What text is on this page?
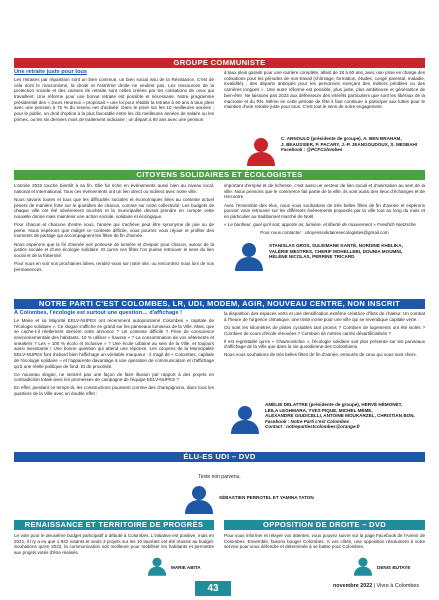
GROUPE COMMUNISTE

Une retraite juste pour tous

Les retraites par répartition sont un bien commun, un bien social issu de la Résistance. C'est de cela dont le macronisme, la droite et l'extrême droite ne veulent pas. Les ressources de la protection sociale et des caisses de retraite sont celles créées par les cotisations de ceux qui travaillent. Une réforme pour une bonne retraite est possible et nécessaire. Notre programme présidentiel des « Jours Heureux » proposait « une loi pour rétablir la retraite à 60 ans à taux plein avec une pension à 75 % du revenu net d'activité. Dans le privé sur les 10 meilleures années ; pour le public, un droit d'option à la plus favorable entre les dix meilleures années de salaire ou les primes, ou les six derniers mois de traitement indiciaire ; un départ à 60 ans avec une pension

à taux plein garanti pour une carrière complète, allant de 18 à 60 ans, avec une prise en charge des cotisations pour les périodes de non-travail (chômage, formation, études, congé parental, maladie, invalidité) ; des départs anticipés pour les personnes exerçant des métiers pénibles ou des carrières longues ». Une autre réforme est possible, plus juste, plus ambitieuse et génératrice de bien-être. Ne laissons pas 2023 aux défenseurs des intérêts particuliers que sont les libéraux de la macronie et du RN. Même en cette période de fête il faut continuer à participer aux luttes pour le maintien d'une retraite juste pour tous. C'est tout le sens de notre engagement.

C. ARNOULD (présidente de groupe), A. BEN BRAHAM,
J. BEAUSSIER, P. PACARY, J.-P. JEANGOUDOUX, S. MESBAHI
Facebook : @PCFColombes
CITOYENS SOLIDAIRES ET ÉCOLOGISTES

L'année 2022 touche bientôt à sa fin. Elle fut riche en événements aussi bien au niveau local, national et international. Tous ces événements ont un lien direct ou indirect avec notre ville.

Nous savons toutes et tous que les difficultés sociales et économiques liées au contexte actuel pèsent de manière forte sur le quotidien de chacun, comme sur notre collectivité. Les budgets de chaque ville ont été sévèrement touchés et la municipalité devrait prendre en compte cette nouvelle donne mais maintenir une action sociale, solidaire et écologique.

Pour chacun et chacune d'entre nous, l'année qui s'achève peut être synonyme de joie ou de peine. Nous espérons que malgré ce contexte difficile, vous pourrez vous réjouir et profiter des moments de partage qui accompagnent les fêtes de fin d'année.

Nous espérons que la fin d'année soit porteuse de lumière et d'espoir pour chacun, autour de la justice sociale et d'une écologie solidaire. Et qu'en ces fêtes l'on puisse retrouver le sens du lien social et de la fraternité.

Pour vous en voir nos prochaines idées, rendez-vous sur notre site, ou rencontrez nous lors de nos permanences.

important d'emploi et de richesse, c'est aussi un vecteur de lien social et d'animation au sein de la ville. Nous pensons que le commerce fait partie de la ville, ils sont aussi des lieux d'échanges et de rencontre.

Avec l'ensemble des élus, nous vous souhaitons de très belles fêtes de fin d'année et espérons pouvoir vous retrouver sur les différents événements proposés par la ville tout au long du mois et en particulier au traditionnel marché de Noël.

« Le bonheur, quel qu'il soit, apporte air, lumière, et liberté de mouvement » Friedrich Nietzsche

Pour nous contacter : citoyenssolidairesecologistes@gmail.com

STANISLAS GROS, SULEIMANE KANTÉ, NORDINE KHELIKA,
VALÉRIE MESTRES, CHERIF MOHELLEBI, DOUNIA MOUMNI,
HÉLÈNE NICOLAS, PERRINE TRICARD
NOTRE PARTI C'EST COLOMBES, LR, UDI, MODEM, AGIR, NOUVEAU CENTRE, NON INSCRIT

À Colombes, l'écologie est surtout une question… d'affichage !

Le Maire et sa Majorité EELV-NUPES ont récemment autoproclamé Colombes « capitale de l'écologie solidaire ». Ce slogan s'affiche en grand sur les panneaux lumineux de la Ville. Mais, que se cache-t-il réellement derrière cette annonce ? Un contexte difficile ? Prise de conscience environnementale des habitants. 10 % utiliser « hausse » ? La consommation de vos vêtements et sneakers ? Les « 100 % écolo et inclusive » ? Une école urbaine au sein de la Ville, et toujours aussi inexistante ! Une bonne question qui attend une réponse. Les citoyens de la Municipalité EELV-NUPES font d'abord bien l'affichage un véritable marqueur : il s'agit de « Colombes, capitale de l'écologie solidaire » et l'apparente davantage à une opération de communication et d'affichage qu'à une réelle politique de fond. Et de proximité.

Ce nouveau slogan, ne serait-il pas une façon de faire illusion par rapport à des projets en contradiction totale avec les promesses de campagne de l'équipe EELV-NUPES ?

En effet, pendant ce temps-là, les constructions poussent comme des champignons, dans tous les quartiers de la Ville avec un double effet :

la disparition des espaces verts et une densification extrême créatrice d'îlots de chaleur. Un combat à l'heure de l'urgence climatique, une triste ironie pour une ville qui se revendique capitale verte.

Où sont les kilomètres de pistes cyclables tant promis ? Combien de logements ont été isolés ? Combien de cours d'école rénovées ? Combien de mètres carrés désartificialisés ?

Il est regrettable qu'en « Chaimovitchie », l'écologie solidaire soit plus présente sur les panneaux d'affichage de la Ville que dans la vie quotidienne des Colombiens.

Nous vous souhaitons de très belles fêtes de fin d'année, entourés de ceux qui vous sont chers.

AMÉLIE DELATTRE (présidente de groupe), HERVÉ HÉMONET,
LEILA LEGHMARA, YVES PIQUE, MICHEL MÈME,
ALEXANDRE GIUDICELLI, ANTOINE MOUKARZEL, CHRISTIAN BON.
Facebook : Notre Parti c'est Colombes
Contact : notrepartiestcolombes@orange.fr
ÉLU-ES UDI – DVD
Texte non parvenu.
SÉBASTIEN PERROTEL ET YAMINA TATON
RENAISSANCE ET TERRITOIRE DE PROGRÈS

Le vote pour le deuxième budget participatif a débuté à Colombes. L'initiative est positive, mais en 2021, il n'y a eu que 1 922 votants et seuls 3 projets sur les 10 lauréats ont été réussis au budget. Souhaitons qu'en 2022, la communication soit meilleure pour mobiliser les habitants et permettre aux projets votés d'être réalisés.

MARIE ABITA
OPPOSITION DE DROITE – DVD

Pour vous informer et relayer vos attentes, vous pouvez suivre sur la page Facebook de l'Avenir de Colombes. Ensemble, faisons bouger Colombes. À vos côtés, une opposition résolument à votre service pour vous défendre et déterminée à se battre pour Colombes.

DENIS BUTAYE
43	novembre 2022 | Vivre à Colombes
